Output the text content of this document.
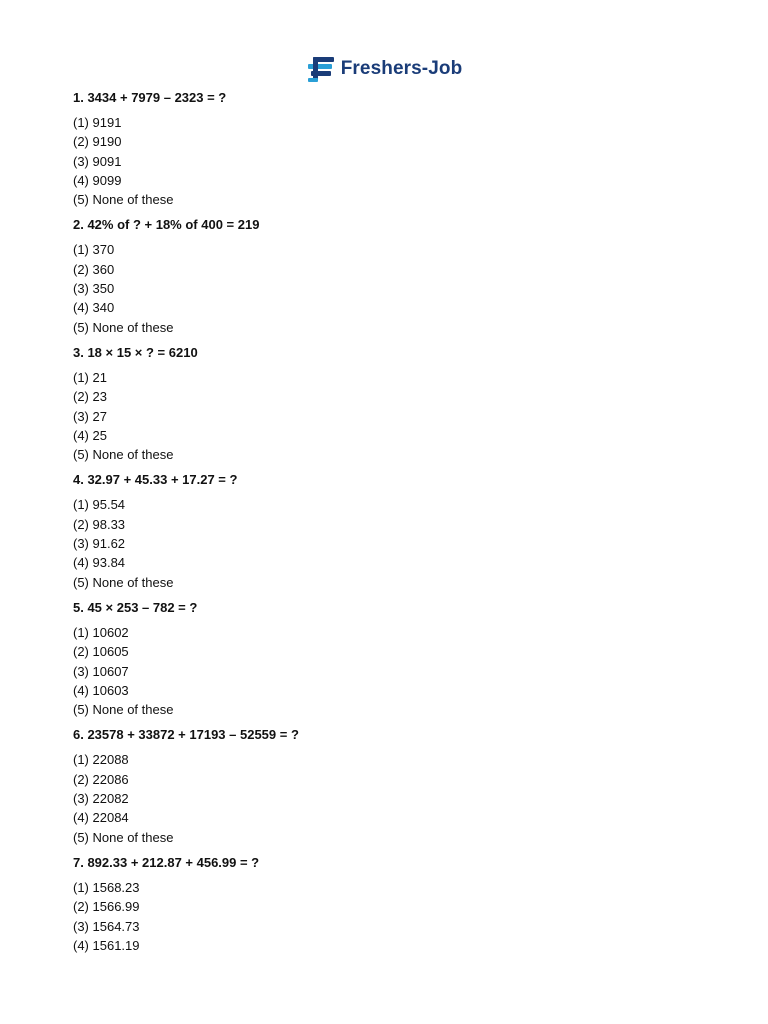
Freshers-Job

1. 3434 + 7979 – 2323 = ?

(1) 9191
(2) 9190
(3) 9091
(4) 9099
(5) None of these

2. 42% of ? + 18% of 400 = 219

(1) 370
(2) 360
(3) 350
(4) 340
(5) None of these

3. 18 × 15 × ? = 6210

(1) 21
(2) 23
(3) 27
(4) 25
(5) None of these

4. 32.97 + 45.33 + 17.27 = ?

(1) 95.54
(2) 98.33
(3) 91.62
(4) 93.84
(5) None of these

5. 45 × 253 – 782 = ?

(1) 10602
(2) 10605
(3) 10607
(4) 10603
(5) None of these

6. 23578 + 33872 + 17193 – 52559 = ?

(1) 22088
(2) 22086
(3) 22082
(4) 22084
(5) None of these

7. 892.33 + 212.87 + 456.99 = ?

(1) 1568.23
(2) 1566.99
(3) 1564.73
(4) 1561.19
